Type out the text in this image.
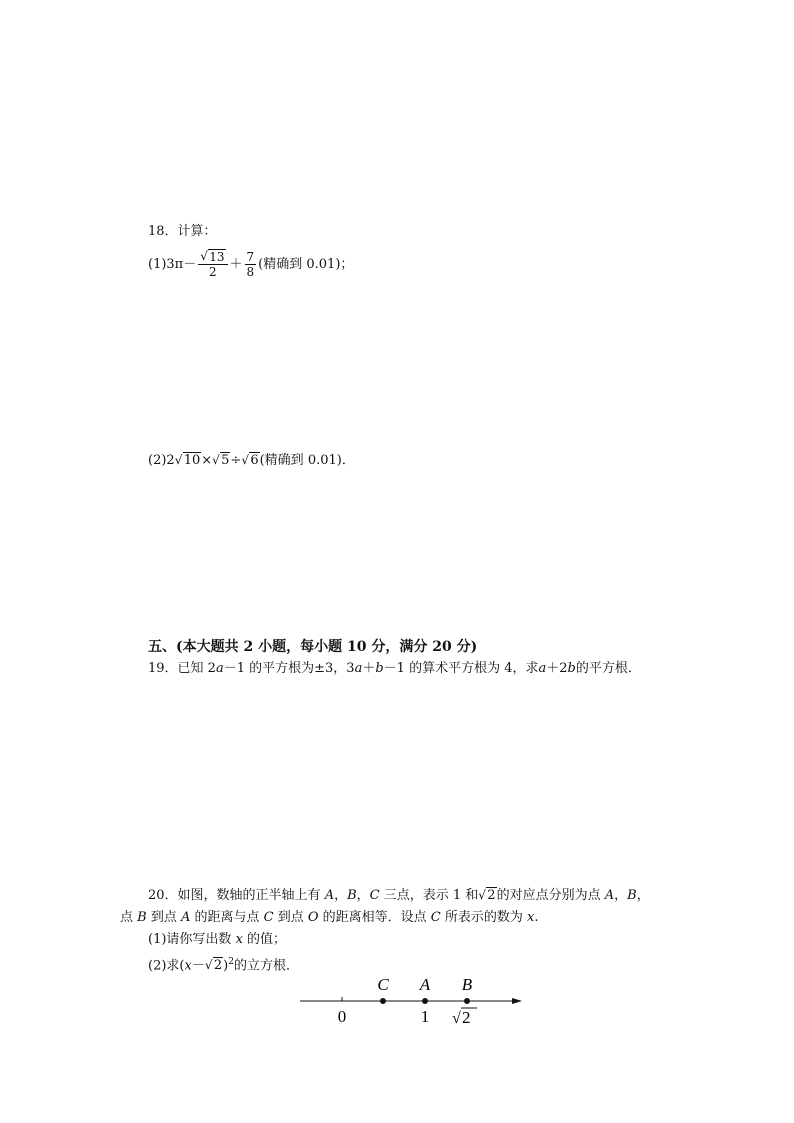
18．计算：
(1)3π－ √ $\frac{13}{2} + \frac{7}{8}$ (精确到 0.01)；
(2)2 √ 10× √ 5÷ √ 6(精确到 0.01)．
五、(本大题共 2 小题，每小题 10 分，满分 20 分)
19．已知 2a－1 的平方根为±3，3a＋b－1 的算术平方根为 4，求a＋2b的平方根．
20．如图，数轴的正半轴上有 A，B，C 三点，表示 1 和 √ 2的对应点分别为点 A，B，
点 B 到点 A 的距离与点 C 到点 O 的距离相等．设点 C 所表示的数为 x.
(1)请你写出数 x 的值；
(2)求(x－ √ 2)$^2$的立方根．
C A B
0	1 √ 2
